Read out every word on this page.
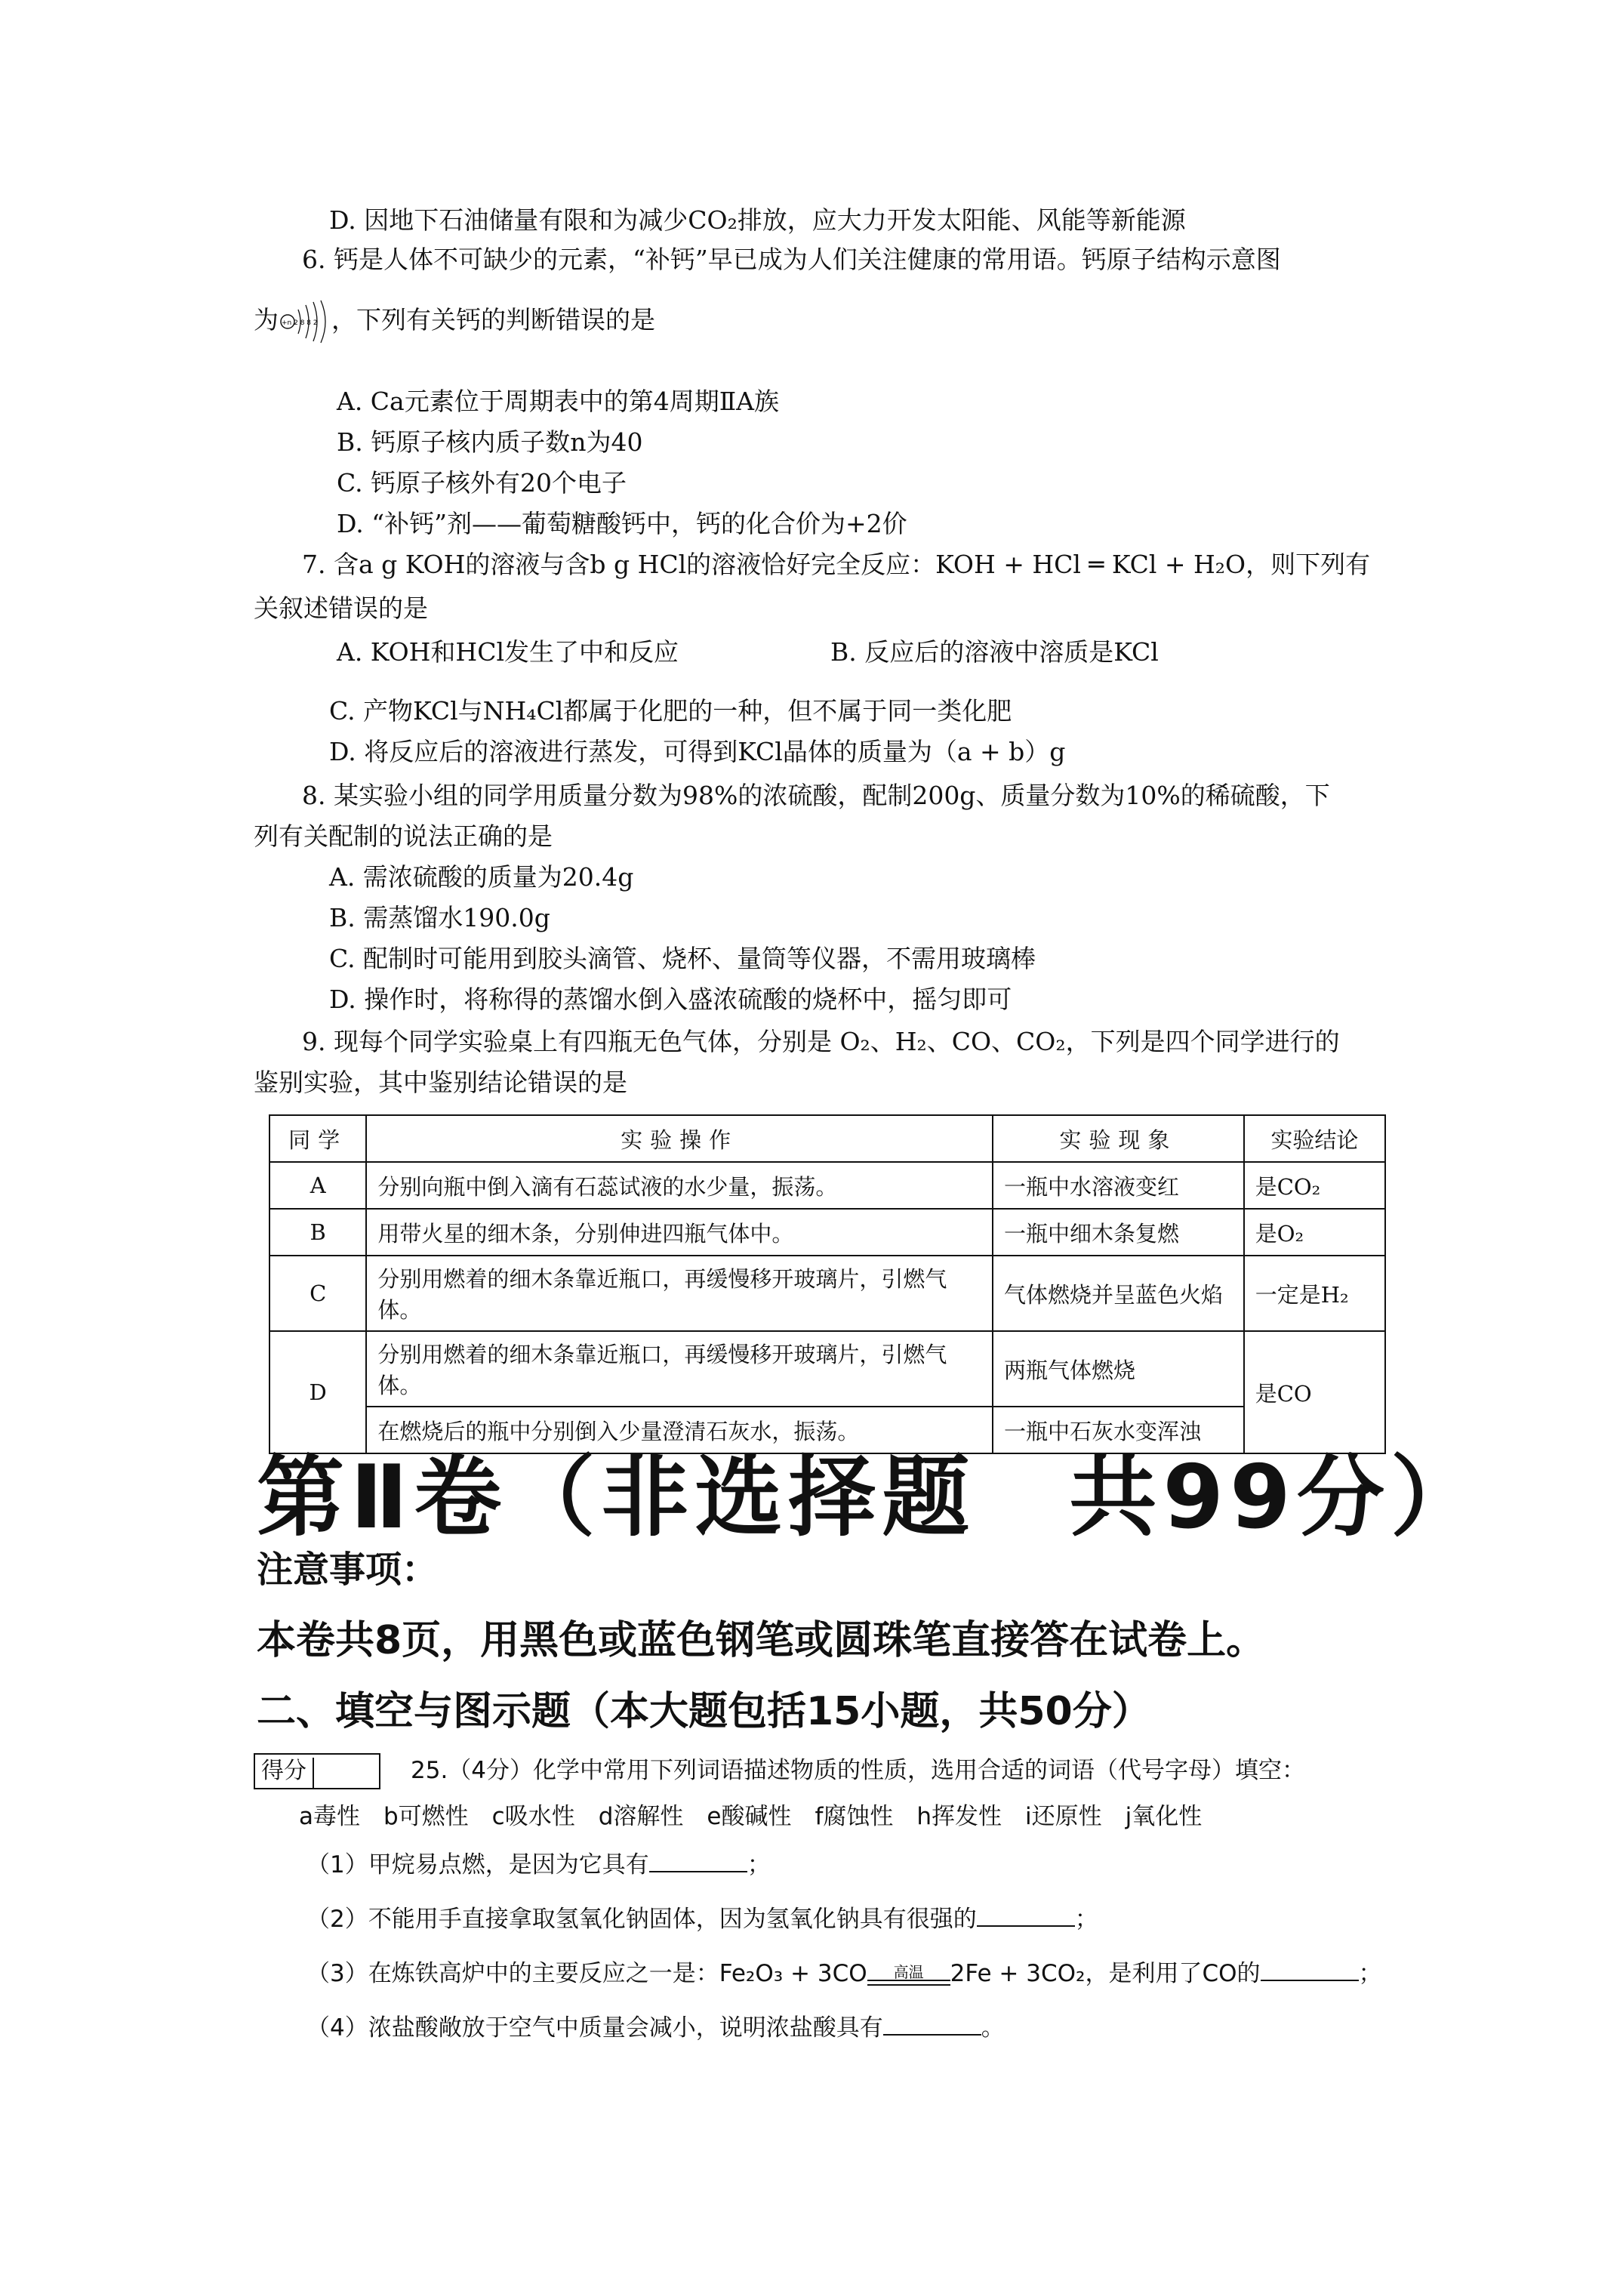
D. 因地下石油储量有限和为减少CO₂排放，应大力开发太阳能、风能等新能源
6. 钙是人体不可缺少的元素，“补钙”早已成为人们关注健康的常用语。钙原子结构示意图
为 +n 2 8 8 2 ，下列有关钙的判断错误的是
A. Ca元素位于周期表中的第4周期ⅡA族
B. 钙原子核内质子数n为40
C. 钙原子核外有20个电子
D. “补钙”剂——葡萄糖酸钙中，钙的化合价为+2价
7. 含a g KOH的溶液与含b g HCl的溶液恰好完全反应：KOH + HCl ═ KCl + H₂O，则下列有
关叙述错误的是
A. KOH和HCl发生了中和反应	B. 反应后的溶液中溶质是KCl
C. 产物KCl与NH₄Cl都属于化肥的一种，但不属于同一类化肥
D. 将反应后的溶液进行蒸发，可得到KCl晶体的质量为（a + b）g
8. 某实验小组的同学用质量分数为98%的浓硫酸，配制200g、质量分数为10%的稀硫酸，下
列有关配制的说法正确的是
A. 需浓硫酸的质量为20.4g
B. 需蒸馏水190.0g
C. 配制时可能用到胶头滴管、烧杯、量筒等仪器，不需用玻璃棒
D. 操作时，将称得的蒸馏水倒入盛浓硫酸的烧杯中，摇匀即可
9. 现每个同学实验桌上有四瓶无色气体，分别是 O₂、H₂、CO、CO₂，下列是四个同学进行的
鉴别实验，其中鉴别结论错误的是
同学	实验操作	实验现象	实验结论
A	分别向瓶中倒入滴有石蕊试液的水少量，振荡。	一瓶中水溶液变红	是CO₂
B	用带火星的细木条，分别伸进四瓶气体中。	一瓶中细木条复燃	是O₂
C	分别用燃着的细木条靠近瓶口，再缓慢移开玻璃片，引燃气体。	气体燃烧并呈蓝色火焰	一定是H₂
D	分别用燃着的细木条靠近瓶口，再缓慢移开玻璃片，引燃气体。	两瓶气体燃烧	是CO
	在燃烧后的瓶中分别倒入少量澄清石灰水，振荡。	一瓶中石灰水变浑浊	
第Ⅱ卷（非选择题　共99分）
注意事项：
本卷共8页，用黑色或蓝色钢笔或圆珠笔直接答在试卷上。
二、填空与图示题（本大题包括15小题，共50分）
得分	25.（4分）化学中常用下列词语描述物质的性质，选用合适的词语（代号字母）填空：
a毒性　b可燃性　c吸水性　d溶解性　e酸碱性　f腐蚀性　h挥发性　i还原性　j氧化性
（1）甲烷易点燃，是因为它具有	；
（2）不能用手直接拿取氢氧化钠固体，因为氢氧化钠具有很强的	；
（3）在炼铁高炉中的主要反应之一是：Fe₂O₃ + 3CO	高温	2Fe + 3CO₂，是利用了CO的	；
（4）浓盐酸敞放于空气中质量会减小，说明浓盐酸具有	。
